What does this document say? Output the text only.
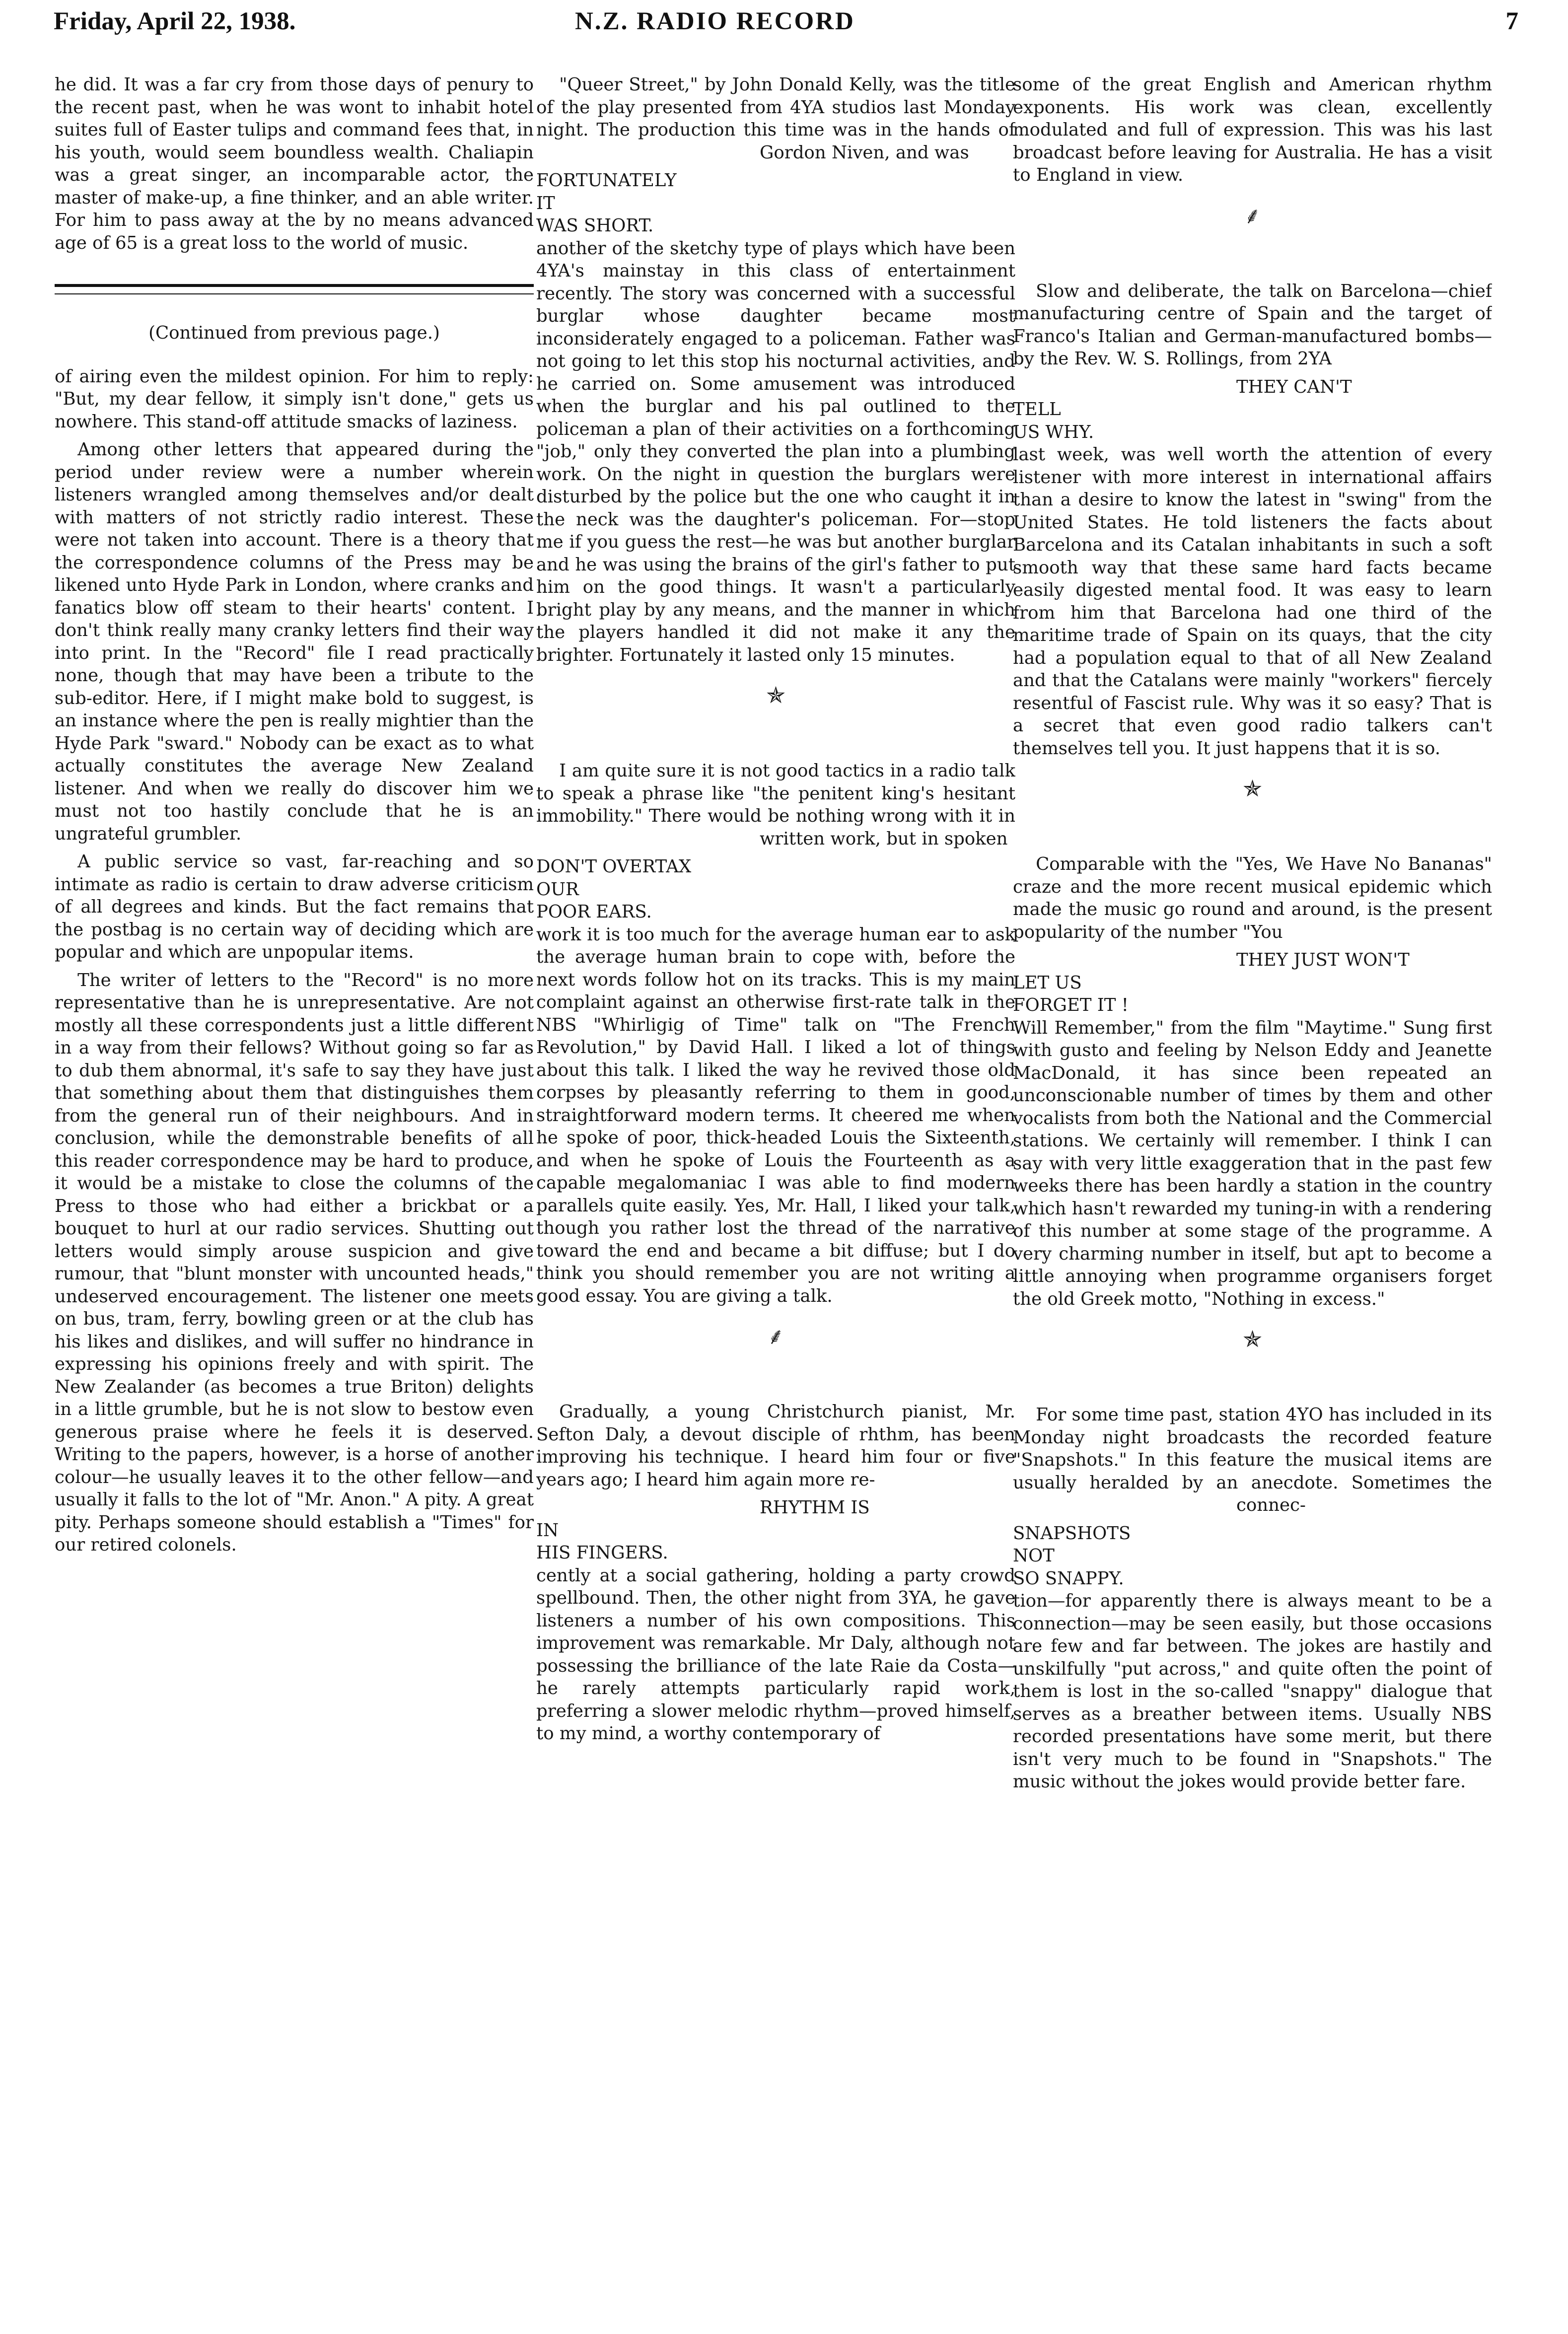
Friday, April 22, 1938.	N.Z. RADIO RECORD	7

he did. It was a far cry from those days of penury to the recent past, when he was wont to inhabit hotel suites full of Easter tulips and command fees that, in his youth, would seem boundless wealth. Chaliapin was a great singer, an incomparable actor, the master of make-up, a fine thinker, and an able writer. For him to pass away at the by no means advanced age of 65 is a great loss to the world of music.

(Continued from previous page.)

of airing even the mildest opinion. For him to reply: "But, my dear fellow, it simply isn't done," gets us nowhere. This stand-off attitude smacks of laziness.

Among other letters that appeared during the period under review were a number wherein listeners wrangled among themselves and/or dealt with matters of not strictly radio interest. These were not taken into account. There is a theory that the correspondence columns of the Press may be likened unto Hyde Park in London, where cranks and fanatics blow off steam to their hearts' content. I don't think really many cranky letters find their way into print. In the "Record" file I read practically none, though that may have been a tribute to the sub-editor. Here, if I might make bold to suggest, is an instance where the pen is really mightier than the Hyde Park "sward." Nobody can be exact as to what actually constitutes the average New Zealand listener. And when we really do discover him we must not too hastily conclude that he is an ungrateful grumbler.

A public service so vast, far-reaching and so intimate as radio is certain to draw adverse criticism of all degrees and kinds. But the fact remains that the postbag is no certain way of deciding which are popular and which are unpopular items.

The writer of letters to the "Record" is no more representative than he is unrepresentative. Are not mostly all these correspondents just a little different in a way from their fellows? Without going so far as to dub them abnormal, it's safe to say they have just that something about them that distinguishes them from the general run of their neighbours. And in conclusion, while the demonstrable benefits of all this reader correspondence may be hard to produce, it would be a mistake to close the columns of the Press to those who had either a brickbat or a bouquet to hurl at our radio services. Shutting out letters would simply arouse suspicion and give rumour, that "blunt monster with uncounted heads," undeserved encouragement. The listener one meets on bus, tram, ferry, bowling green or at the club has his likes and dislikes, and will suffer no hindrance in expressing his opinions freely and with spirit. The New Zealander (as becomes a true Briton) delights in a little grumble, but he is not slow to bestow even generous praise where he feels it is deserved. Writing to the papers, however, is a horse of another colour—he usually leaves it to the other fellow—and usually it falls to the lot of "Mr. Anon." A pity. A great pity. Perhaps someone should establish a "Times" for our retired colonels.

"Queer Street," by John Donald Kelly, was the title of the play presented from 4YA studios last Monday night. The production this time was in the hands of Gordon Niven, and was

FORTUNATELY
IT
WAS SHORT.
another of the sketchy type of plays which have been 4YA's mainstay in this class of entertainment recently. The story was concerned with a successful burglar whose daughter became most inconsiderately engaged to a policeman. Father was not going to let this stop his nocturnal activities, and he carried on. Some amusement was introduced when the burglar and his pal outlined to the policeman a plan of their activities on a forthcoming "job," only they converted the plan into a plumbing work. On the night in question the burglars were disturbed by the police but the one who caught it in the neck was the daughter's policeman. For—stop me if you guess the rest—he was but another burglar and he was using the brains of the girl's father to put him on the good things. It wasn't a particularly bright play by any means, and the manner in which the players handled it did not make it any the brighter. Fortunately it lasted only 15 minutes.

✯

I am quite sure it is not good tactics in a radio talk to speak a phrase like "the penitent king's hesitant immobility." There would be nothing wrong with it in written work, but in spoken

DON'T OVERTAX
OUR
POOR EARS.
work it is too much for the average human ear to ask the average human brain to cope with, before the next words follow hot on its tracks. This is my main complaint against an otherwise first-rate talk in the NBS "Whirligig of Time" talk on "The French Revolution," by David Hall. I liked a lot of things about this talk. I liked the way he revived those old corpses by pleasantly referring to them in good, straightforward modern terms. It cheered me when he spoke of poor, thick-headed Louis the Sixteenth, and when he spoke of Louis the Fourteenth as a capable megalomaniac I was able to find modern parallels quite easily. Yes, Mr. Hall, I liked your talk, though you rather lost the thread of the narrative toward the end and became a bit diffuse; but I do think you should remember you are not writing a good essay. You are giving a talk.

⸙

Gradually, a young Christchurch pianist, Mr. Sefton Daly, a devout disciple of rhthm, has been improving his technique. I heard him four or five years ago; I heard him again more re-

RHYTHM IS
IN
HIS FINGERS.
cently at a social gathering, holding a party crowd spellbound. Then, the other night from 3YA, he gave listeners a number of his own compositions. This improvement was remarkable. Mr Daly, although not possessing the brilliance of the late Raie da Costa—he rarely attempts particularly rapid work, preferring a slower melodic rhythm—proved himself, to my mind, a worthy contemporary of

some of the great English and American rhythm exponents. His work was clean, excellently modulated and full of expression. This was his last broadcast before leaving for Australia. He has a visit to England in view.

⸙

Slow and deliberate, the talk on Barcelona—chief manufacturing centre of Spain and the target of Franco's Italian and German-manufactured bombs—by the Rev. W. S. Rollings, from 2YA

THEY CAN'T
TELL
US WHY.
last week, was well worth the attention of every listener with more interest in international affairs than a desire to know the latest in "swing" from the United States. He told listeners the facts about Barcelona and its Catalan inhabitants in such a soft smooth way that these same hard facts became easily digested mental food. It was easy to learn from him that Barcelona had one third of the maritime trade of Spain on its quays, that the city had a population equal to that of all New Zealand and that the Catalans were mainly "workers" fiercely resentful of Fascist rule. Why was it so easy? That is a secret that even good radio talkers can't themselves tell you. It just happens that it is so.

✯

Comparable with the "Yes, We Have No Bananas" craze and the more recent musical epidemic which made the music go round and around, is the present popularity of the number "You

THEY JUST WON'T
LET US
FORGET IT !
Will Remember," from the film "Maytime." Sung first with gusto and feeling by Nelson Eddy and Jeanette MacDonald, it has since been repeated an unconscionable number of times by them and other vocalists from both the National and the Commercial stations. We certainly will remember. I think I can say with very little exaggeration that in the past few weeks there has been hardly a station in the country which hasn't rewarded my tuning-in with a rendering of this number at some stage of the programme. A very charming number in itself, but apt to become a little annoying when programme organisers forget the old Greek motto, "Nothing in excess."

✯

For some time past, station 4YO has included in its Monday night broadcasts the recorded feature "Snapshots." In this feature the musical items are usually heralded by an anecdote. Sometimes the connec-

SNAPSHOTS
NOT
SO SNAPPY.
tion—for apparently there is always meant to be a connection—may be seen easily, but those occasions are few and far between. The jokes are hastily and unskilfully "put across," and quite often the point of them is lost in the so-called "snappy" dialogue that serves as a breather between items. Usually NBS recorded presentations have some merit, but there isn't very much to be found in "Snapshots." The music without the jokes would provide better fare.
